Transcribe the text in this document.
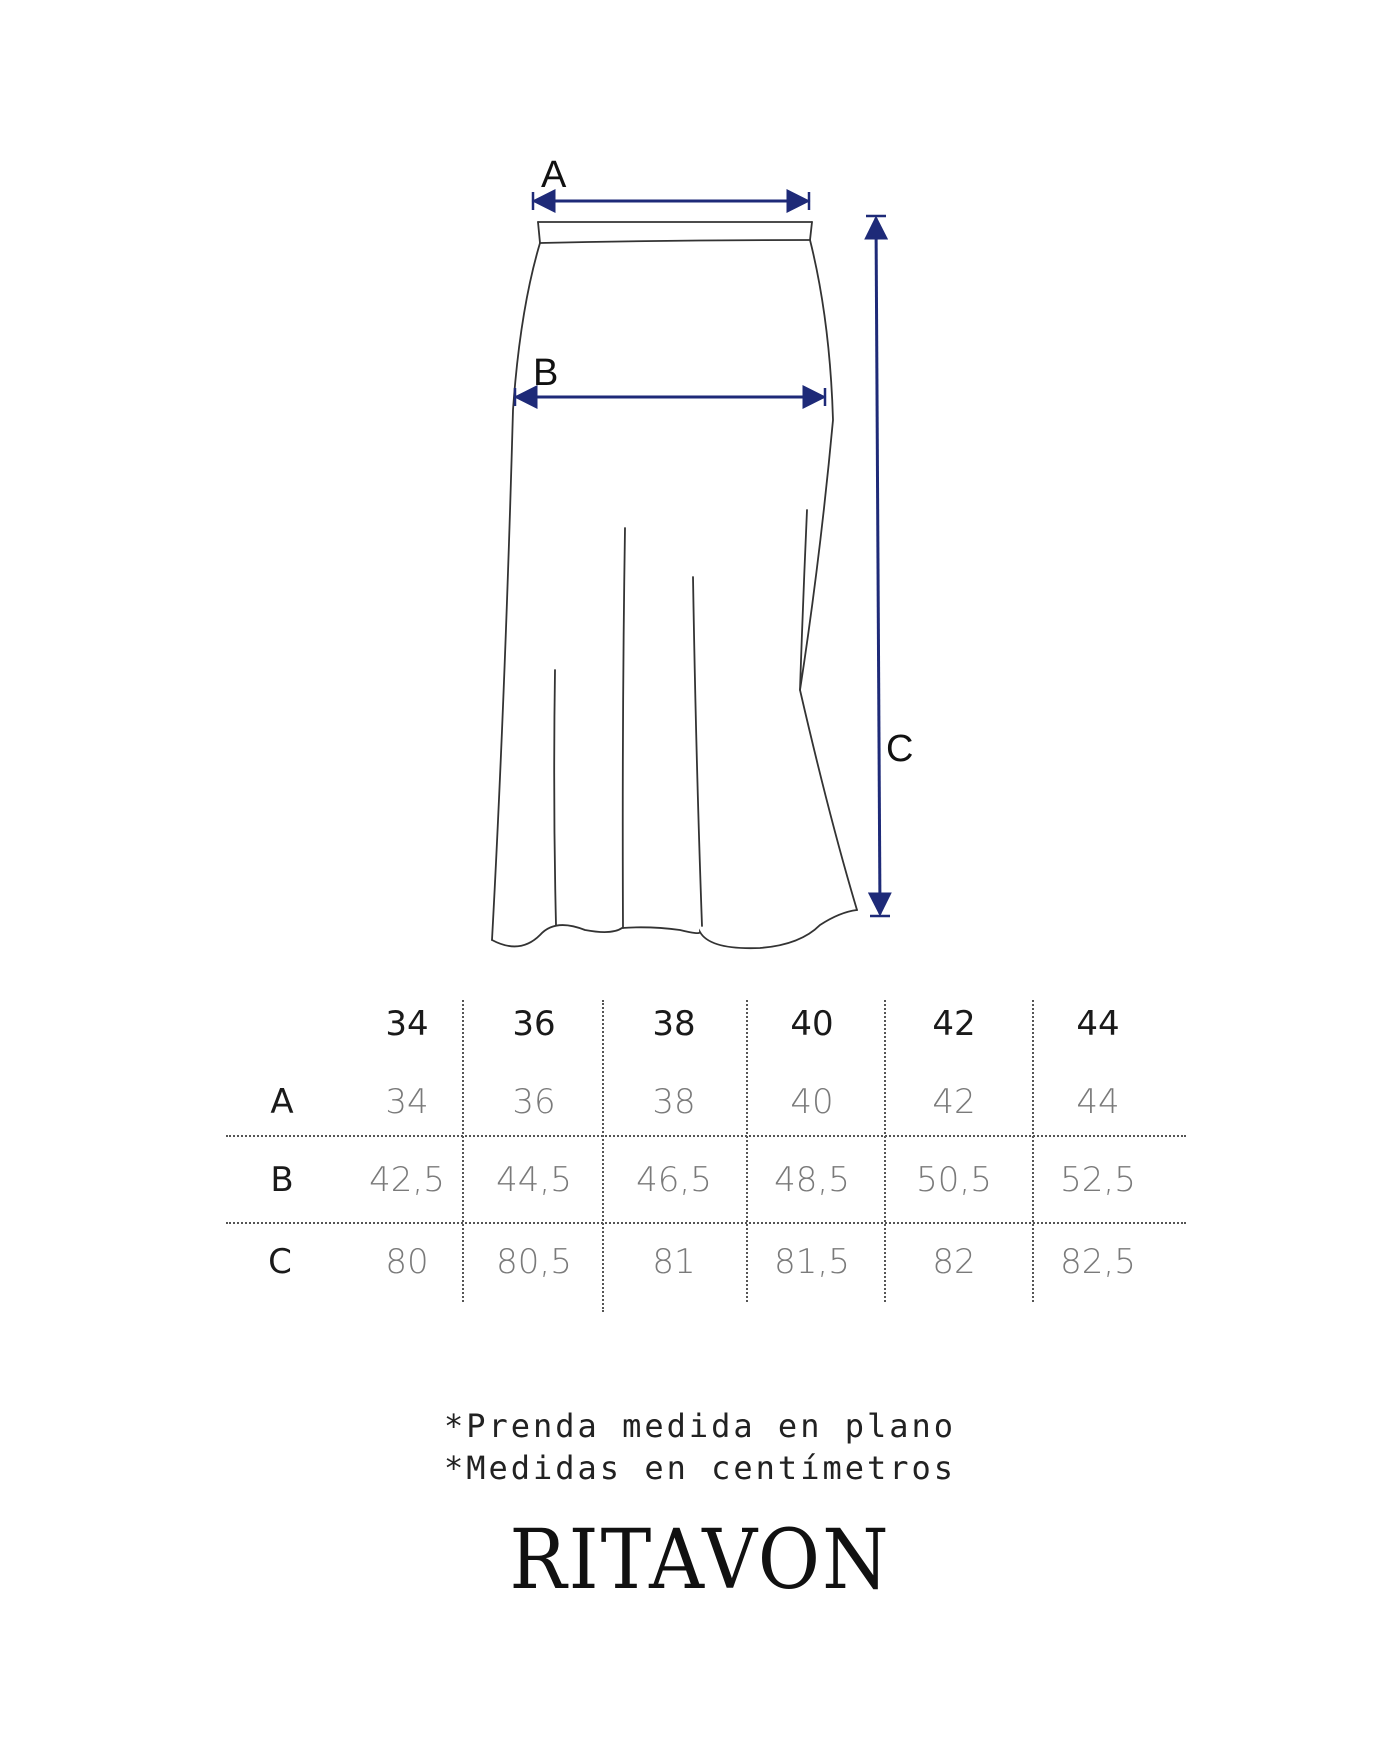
A
B
C
34 36	38	40	42	44
A	34 36	38	40	42	44
B 42,5 44,5 46,5 48,5 50,5 52,5
C	80 80,5 81 81,5 82 82,5
*Prenda medida en plano
*Medidas en centímetros
RITAVON
